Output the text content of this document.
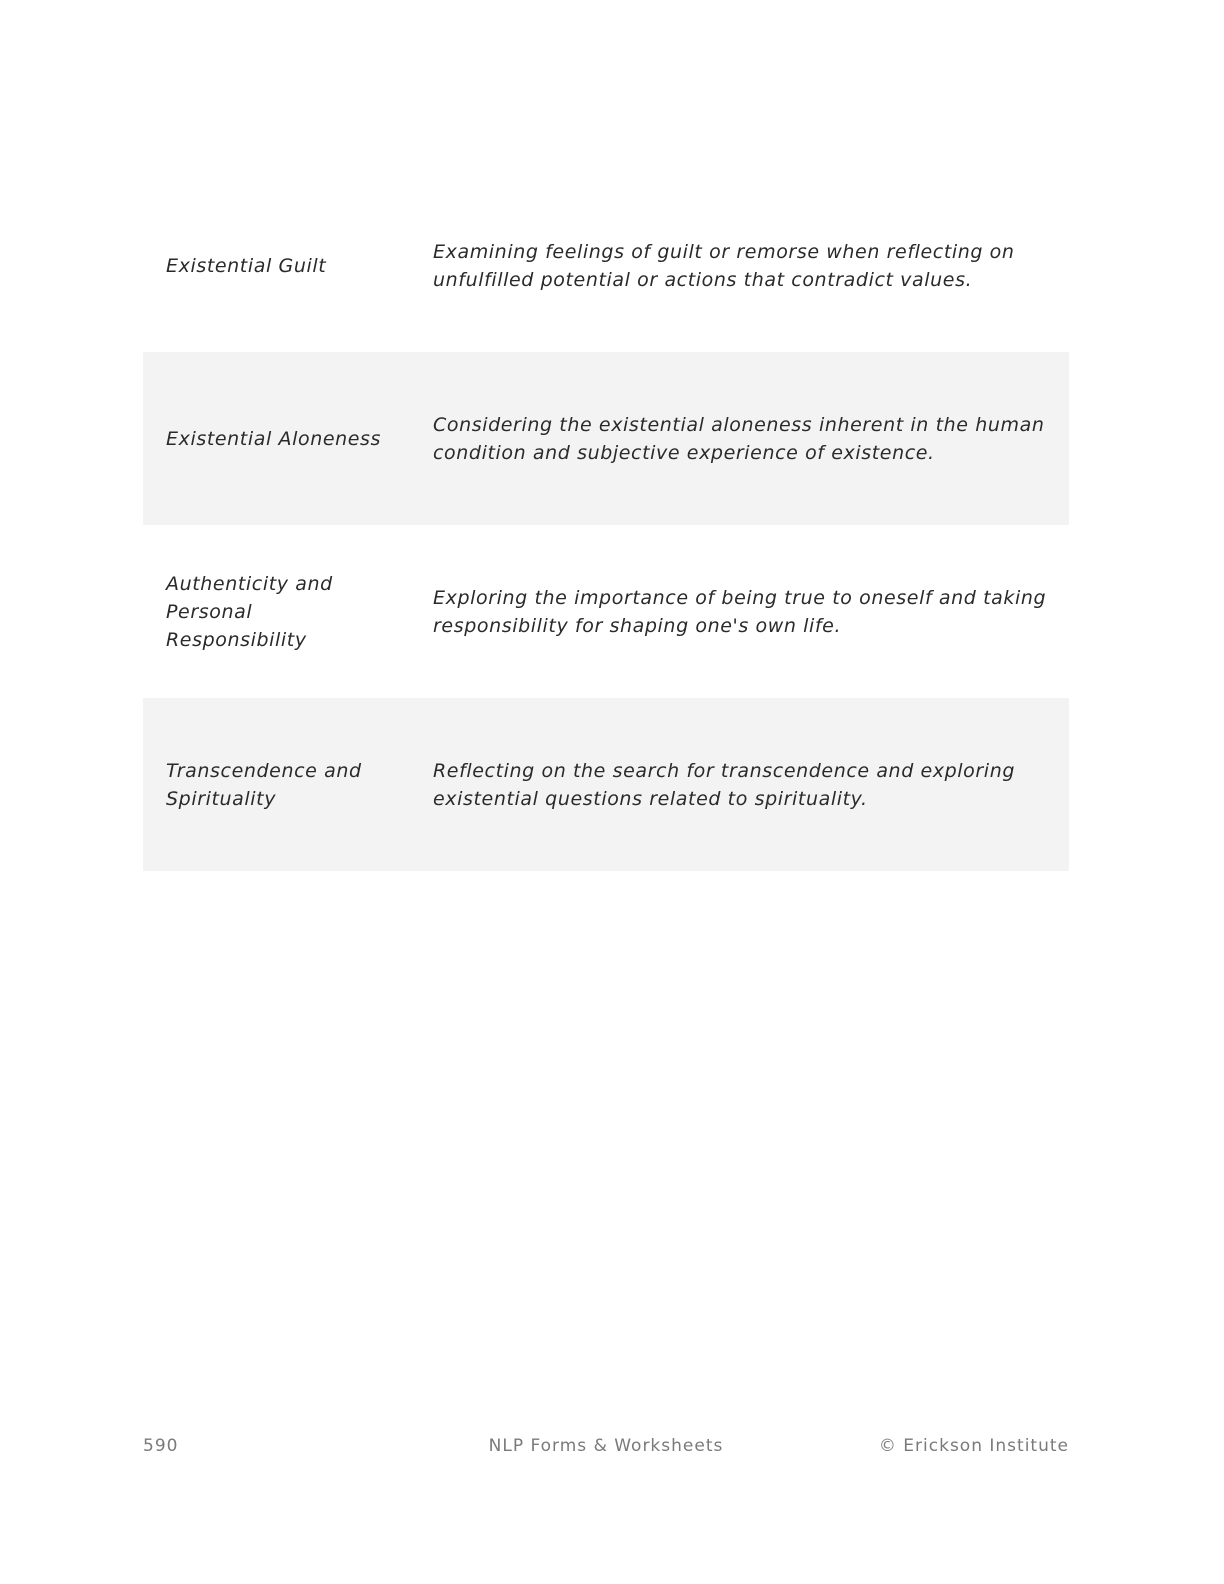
Existential Guilt
Examining feelings of guilt or remorse when reflecting on unfulfilled potential or actions that contradict values.
Existential Aloneness
Considering the existential aloneness inherent in the human condition and subjective experience of existence.
Authenticity and Personal Responsibility
Exploring the importance of being true to oneself and taking responsibility for shaping one's own life.
Transcendence and Spirituality
Reflecting on the search for transcendence and exploring existential questions related to spirituality.
590	NLP Forms & Worksheets	© Erickson Institute
